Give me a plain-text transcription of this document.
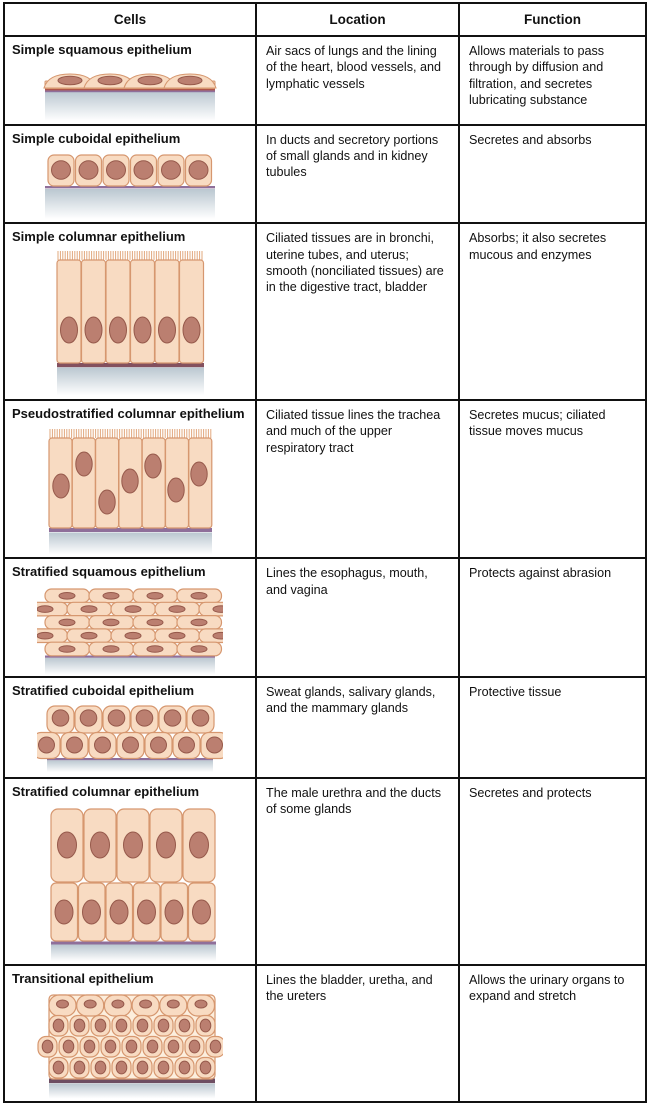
Cells	Location	Function

Simple squamous epithelium	Air sacs of lungs and the lining of the heart, blood vessels, and lymphatic vessels	Allows materials to pass through by diffusion and filtration, and secretes lubricating substance

Simple cuboidal epithelium	In ducts and secretory portions of small glands and in kidney tubules	Secretes and absorbs

Simple columnar epithelium	Ciliated tissues are in bronchi, uterine tubes, and uterus; smooth (nonciliated tissues) are in the digestive tract, bladder	Absorbs; it also secretes mucous and enzymes

Pseudostratified columnar epithelium	Ciliated tissue lines the trachea and much of the upper respiratory tract	Secretes mucus; ciliated tissue moves mucus

Stratified squamous epithelium	Lines the esophagus, mouth, and vagina	Protects against abrasion

Stratified cuboidal epithelium	Sweat glands, salivary glands, and the mammary glands	Protective tissue

Stratified columnar epithelium	The male urethra and the ducts of some glands	Secretes and protects

Transitional epithelium	Lines the bladder, uretha, and the ureters	Allows the urinary organs to expand and stretch
